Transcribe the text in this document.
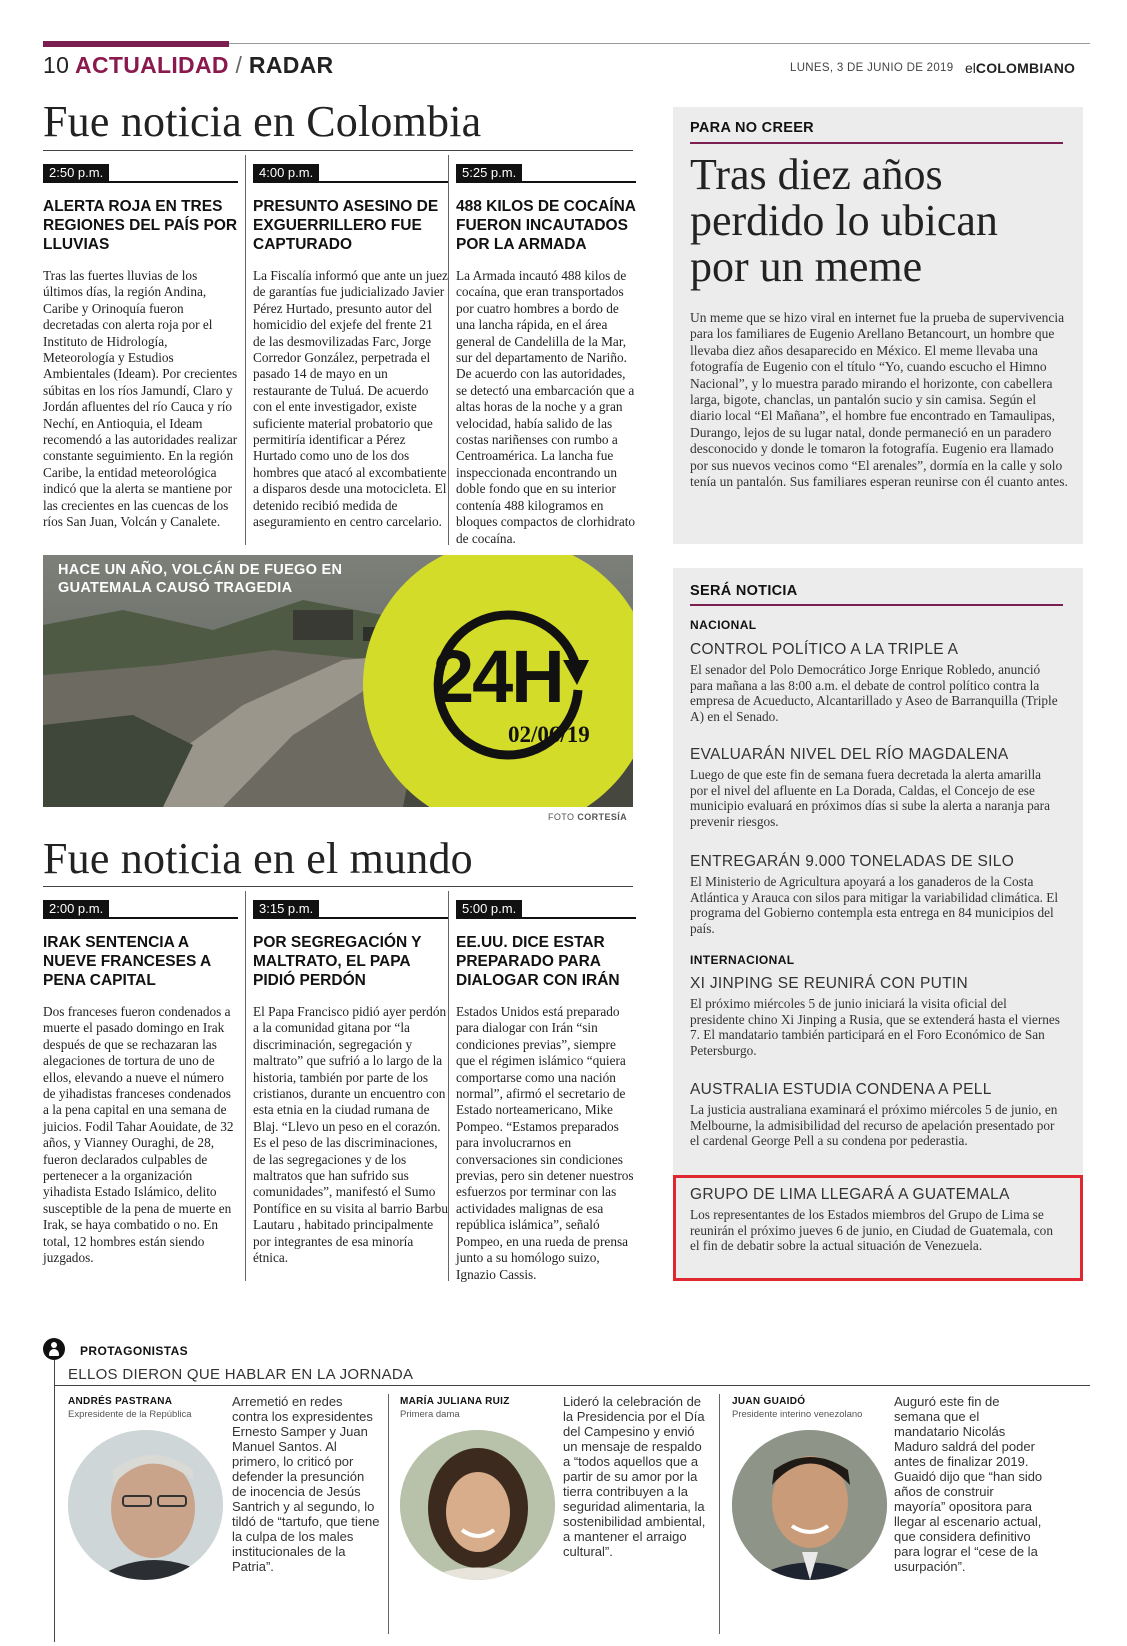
10 ACTUALIDAD / RADAR	LUNES, 3 DE JUNIO DE 2019 elCOLOMBIANO
Fue noticia en Colombia
2:50 p.m.
ALERTA ROJA EN TRES REGIONES DEL PAÍS POR LLUVIAS
Tras las fuertes lluvias de los últimos días, la región Andina, Caribe y Orinoquía fueron decretadas con alerta roja por el Instituto de Hidrología, Meteorología y Estudios Ambientales (Ideam). Por crecientes súbitas en los ríos Jamundí, Claro y Jordán afluentes del río Cauca y río Nechí, en Antioquia, el Ideam recomendó a las autoridades realizar constante seguimiento. En la región Caribe, la entidad meteorológica indicó que la alerta se mantiene por las crecientes en las cuencas de los ríos San Juan, Volcán y Canalete.
4:00 p.m.
PRESUNTO ASESINO DE EXGUERRILLERO FUE CAPTURADO
La Fiscalía informó que ante un juez de garantías fue judicializado Javier Pérez Hurtado, presunto autor del homicidio del exjefe del frente 21 de las desmovilizadas Farc, Jorge Corredor González, perpetrada el pasado 14 de mayo en un restaurante de Tuluá. De acuerdo con el ente investigador, existe suficiente material probatorio que permitiría identificar a Pérez Hurtado como uno de los dos hombres que atacó al excombatiente a disparos desde una motocicleta. El detenido recibió medida de aseguramiento en centro carcelario.
5:25 p.m.
488 KILOS DE COCAÍNA FUERON INCAUTADOS POR LA ARMADA
La Armada incautó 488 kilos de cocaína, que eran transportados por cuatro hombres a bordo de una lancha rápida, en el área general de Candelilla de la Mar, sur del departamento de Nariño. De acuerdo con las autoridades, se detectó una embarcación que a altas horas de la noche y a gran velocidad, había salido de las costas nariñenses con rumbo a Centroamérica. La lancha fue inspeccionada encontrando un doble fondo que en su interior contenía 488 kilogramos en bloques compactos de clorhidrato de cocaína.
PARA NO CREER
Tras diez años perdido lo ubican por un meme
Un meme que se hizo viral en internet fue la prueba de supervivencia para los familiares de Eugenio Arellano Betancourt, un hombre que llevaba diez años desaparecido en México. El meme llevaba una fotografía de Eugenio con el título “Yo, cuando escucho el Himno Nacional”, y lo muestra parado mirando el horizonte, con cabellera larga, bigote, chanclas, un pantalón sucio y sin camisa. Según el diario local “El Mañana”, el hombre fue encontrado en Tamaulipas, Durango, lejos de su lugar natal, donde permaneció en un paradero desconocido y donde le tomaron la fotografía. Eugenio era llamado por sus nuevos vecinos como “El arenales”, dormía en la calle y solo tenía un pantalón. Sus familiares esperan reunirse con él cuanto antes.
HACE UN AÑO, VOLCÁN DE FUEGO EN GUATEMALA CAUSÓ TRAGEDIA
24H
02/06/19
FOTO CORTESÍA
Fue noticia en el mundo
2:00 p.m.
IRAK SENTENCIA A NUEVE FRANCESES A PENA CAPITAL
Dos franceses fueron condenados a muerte el pasado domingo en Irak después de que se rechazaran las alegaciones de tortura de uno de ellos, elevando a nueve el número de yihadistas franceses condenados a la pena capital en una semana de juicios. Fodil Tahar Aouidate, de 32 años, y Vianney Ouraghi, de 28, fueron declarados culpables de pertenecer a la organización yihadista Estado Islámico, delito susceptible de la pena de muerte en Irak, se haya combatido o no. En total, 12 hombres están siendo juzgados.
3:15 p.m.
POR SEGREGACIÓN Y MALTRATO, EL PAPA PIDIÓ PERDÓN
El Papa Francisco pidió ayer perdón a la comunidad gitana por “la discriminación, segregación y maltrato” que sufrió a lo largo de la historia, también por parte de los cristianos, durante un encuentro con esta etnia en la ciudad rumana de Blaj. “Llevo un peso en el corazón. Es el peso de las discriminaciones, de las segregaciones y de los maltratos que han sufrido sus comunidades”, manifestó el Sumo Pontífice en su visita al barrio Barbu Lautaru , habitado principalmente por integrantes de esa minoría étnica.
5:00 p.m.
EE.UU. DICE ESTAR PREPARADO PARA DIALOGAR CON IRÁN
Estados Unidos está preparado para dialogar con Irán “sin condiciones previas”, siempre que el régimen islámico “quiera comportarse como una nación normal”, afirmó el secretario de Estado norteamericano, Mike Pompeo. “Estamos preparados para involucrarnos en conversaciones sin condiciones previas, pero sin detener nuestros esfuerzos por terminar con las actividades malignas de esa república islámica”, señaló Pompeo, en una rueda de prensa junto a su homólogo suizo, Ignazio Cassis.
SERÁ NOTICIA
NACIONAL
CONTROL POLÍTICO A LA TRIPLE A
El senador del Polo Democrático Jorge Enrique Robledo, anunció para mañana a las 8:00 a.m. el debate de control político contra la empresa de Acueducto, Alcantarillado y Aseo de Barranquilla (Triple A) en el Senado.
EVALUARÁN NIVEL DEL RÍO MAGDALENA
Luego de que este fin de semana fuera decretada la alerta amarilla por el nivel del afluente en La Dorada, Caldas, el Concejo de ese municipio evaluará en próximos días si sube la alerta a naranja para prevenir riesgos.
ENTREGARÁN 9.000 TONELADAS DE SILO
El Ministerio de Agricultura apoyará a los ganaderos de la Costa Atlántica y Arauca con silos para mitigar la variabilidad climática. El programa del Gobierno contempla esta entrega en 84 municipios del país.
INTERNACIONAL
XI JINPING SE REUNIRÁ CON PUTIN
El próximo miércoles 5 de junio iniciará la visita oficial del presidente chino Xi Jinping a Rusia, que se extenderá hasta el viernes 7. El mandatario también participará en el Foro Económico de San Petersburgo.
AUSTRALIA ESTUDIA CONDENA A PELL
La justicia australiana examinará el próximo miércoles 5 de junio, en Melbourne, la admisibilidad del recurso de apelación presentado por el cardenal George Pell a su condena por pederastia.
GRUPO DE LIMA LLEGARÁ A GUATEMALA
Los representantes de los Estados miembros del Grupo de Lima se reunirán el próximo jueves 6 de junio, en Ciudad de Guatemala, con el fin de debatir sobre la actual situación de Venezuela.
PROTAGONISTAS
ELLOS DIERON QUE HABLAR EN LA JORNADA
ANDRÉS PASTRANA
Expresidente de la República
Arremetió en redes contra los expresidentes Ernesto Samper y Juan Manuel Santos. Al primero, lo criticó por defender la presunción de inocencia de Jesús Santrich y al segundo, lo tildó de “tartufo, que tiene la culpa de los males institucionales de la Patria”.
MARÍA JULIANA RUIZ
Primera dama
Lideró la celebración de la Presidencia por el Día del Campesino y envió un mensaje de respaldo a “todos aquellos que a partir de su amor por la tierra contribuyen a la seguridad alimentaria, la sostenibilidad ambiental, a mantener el arraigo cultural”.
JUAN GUAIDÓ
Presidente interino venezolano
Auguró este fin de semana que el mandatario Nicolás Maduro saldrá del poder antes de finalizar 2019. Guaidó dijo que “han sido años de construir mayoría” opositora para llegar al escenario actual, que considera definitivo para lograr el “cese de la usurpación”.
